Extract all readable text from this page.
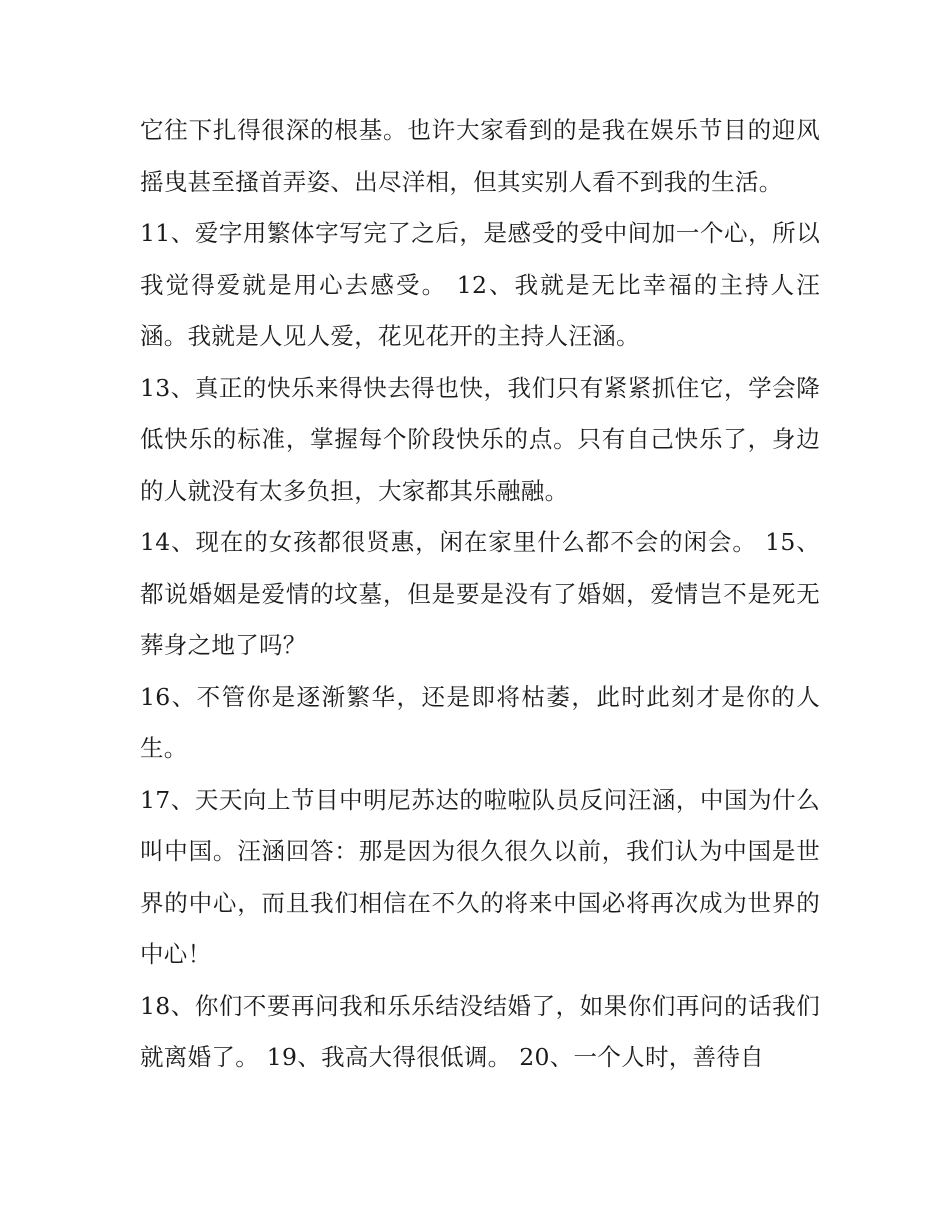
它往下扎得很深的根基。也许大家看到的是我在娱乐节目的迎风摇曳甚至搔首弄姿、出尽洋相，但其实别人看不到我的生活。

11、爱字用繁体字写完了之后，是感受的受中间加一个心，所以我觉得爱就是用心去感受。 12、我就是无比幸福的主持人汪涵。我就是人见人爱，花见花开的主持人汪涵。

13、真正的快乐来得快去得也快，我们只有紧紧抓住它，学会降低快乐的标准，掌握每个阶段快乐的点。只有自己快乐了，身边的人就没有太多负担，大家都其乐融融。

14、现在的女孩都很贤惠，闲在家里什么都不会的闲会。 15、都说婚姻是爱情的坟墓，但是要是没有了婚姻，爱情岂不是死无葬身之地了吗？

16、不管你是逐渐繁华，还是即将枯萎，此时此刻才是你的人生。

17、天天向上节目中明尼苏达的啦啦队员反问汪涵，中国为什么叫中国。汪涵回答：那是因为很久很久以前，我们认为中国是世界的中心，而且我们相信在不久的将来中国必将再次成为世界的中心！

18、你们不要再问我和乐乐结没结婚了，如果你们再问的话我们就离婚了。 19、我高大得很低调。 20、一个人时，善待自
